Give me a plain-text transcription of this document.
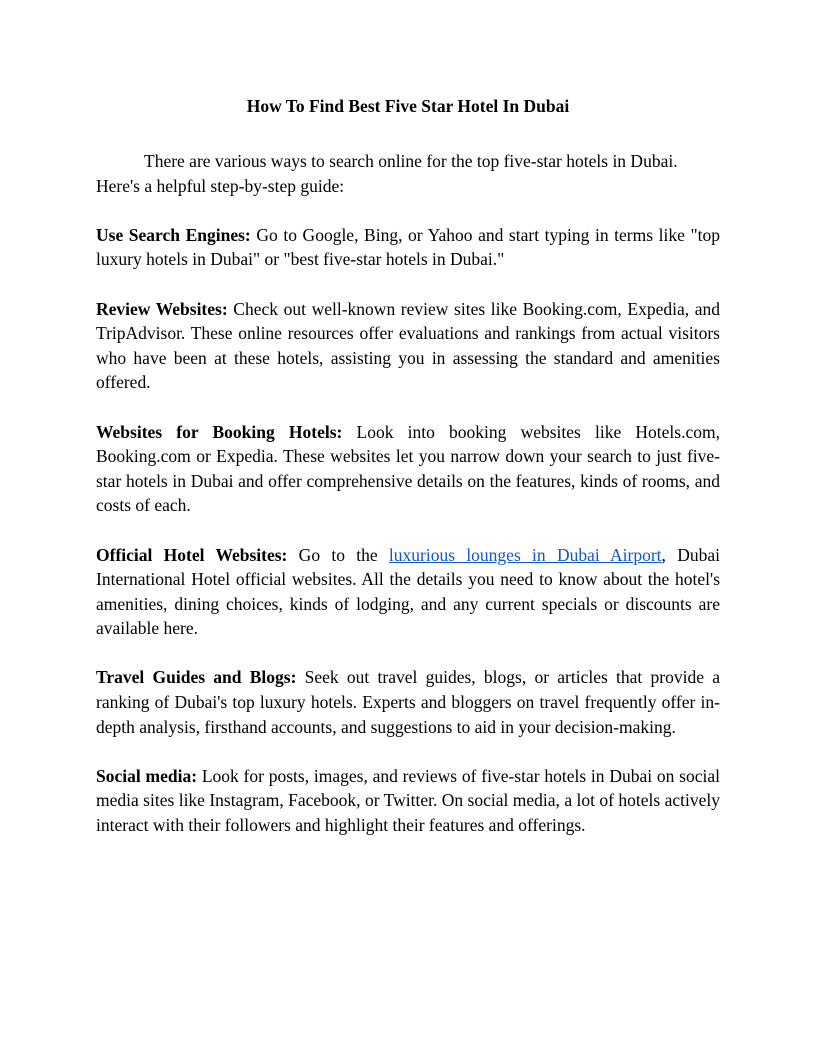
How To Find Best Five Star Hotel In Dubai

There are various ways to search online for the top five-star hotels in Dubai. Here's a helpful step-by-step guide:

Use Search Engines: Go to Google, Bing, or Yahoo and start typing in terms like "top luxury hotels in Dubai" or "best five-star hotels in Dubai."

Review Websites: Check out well-known review sites like Booking.com, Expedia, and TripAdvisor. These online resources offer evaluations and rankings from actual visitors who have been at these hotels, assisting you in assessing the standard and amenities offered.

Websites for Booking Hotels: Look into booking websites like Hotels.com, Booking.com or Expedia. These websites let you narrow down your search to just five-star hotels in Dubai and offer comprehensive details on the features, kinds of rooms, and costs of each.

Official Hotel Websites: Go to the luxurious lounges in Dubai Airport, Dubai International Hotel official websites. All the details you need to know about the hotel's amenities, dining choices, kinds of lodging, and any current specials or discounts are available here.

Travel Guides and Blogs: Seek out travel guides, blogs, or articles that provide a ranking of Dubai's top luxury hotels. Experts and bloggers on travel frequently offer in-depth analysis, firsthand accounts, and suggestions to aid in your decision-making.

Social media: Look for posts, images, and reviews of five-star hotels in Dubai on social media sites like Instagram, Facebook, or Twitter. On social media, a lot of hotels actively interact with their followers and highlight their features and offerings.
